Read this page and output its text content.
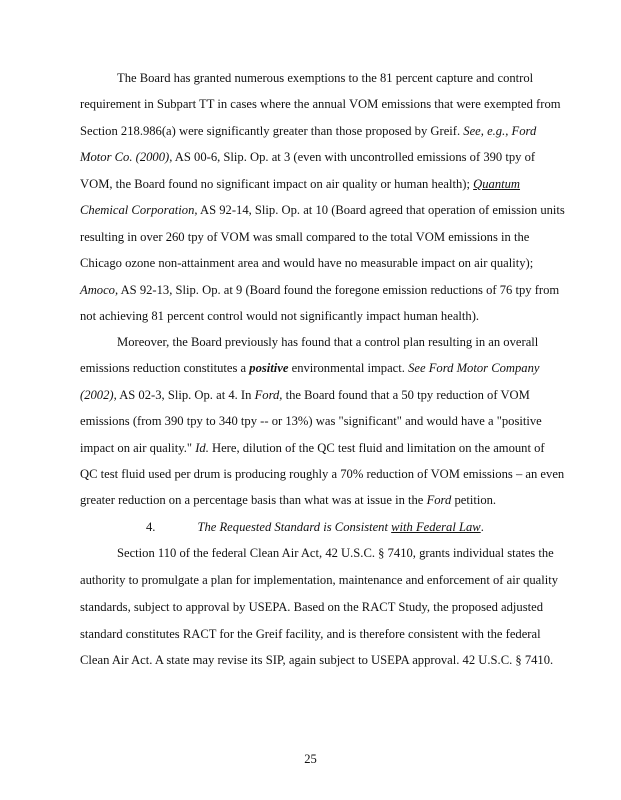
The Board has granted numerous exemptions to the 81 percent capture and control
requirement in Subpart TT in cases where the annual VOM emissions that were exempted from
Section 218.986(a) were significantly greater than those proposed by Greif. See, e.g., Ford
Motor Co. (2000), AS 00-6, Slip. Op. at 3 (even with uncontrolled emissions of 390 tpy of
VOM, the Board found no significant impact on air quality or human health); Quantum
Chemical Corporation, AS 92-14, Slip. Op. at 10 (Board agreed that operation of emission units
resulting in over 260 tpy of VOM was small compared to the total VOM emissions in the
Chicago ozone non-attainment area and would have no measurable impact on air quality);
Amoco, AS 92-13, Slip. Op. at 9 (Board found the foregone emission reductions of 76 tpy from
not achieving 81 percent control would not significantly impact human health).
Moreover, the Board previously has found that a control plan resulting in an overall
emissions reduction constitutes a positive environmental impact. See Ford Motor Company
(2002), AS 02-3, Slip. Op. at 4. In Ford, the Board found that a 50 tpy reduction of VOM
emissions (from 390 tpy to 340 tpy -- or 13%) was "significant" and would have a "positive
impact on air quality." Id. Here, dilution of the QC test fluid and limitation on the amount of
QC test fluid used per drum is producing roughly a 70% reduction of VOM emissions – an even
greater reduction on a percentage basis than what was at issue in the Ford petition.
4.	The Requested Standard is Consistent with Federal Law.
Section 110 of the federal Clean Air Act, 42 U.S.C. § 7410, grants individual states the
authority to promulgate a plan for implementation, maintenance and enforcement of air quality
standards, subject to approval by USEPA. Based on the RACT Study, the proposed adjusted
standard constitutes RACT for the Greif facility, and is therefore consistent with the federal
Clean Air Act. A state may revise its SIP, again subject to USEPA approval. 42 U.S.C. § 7410.
25
